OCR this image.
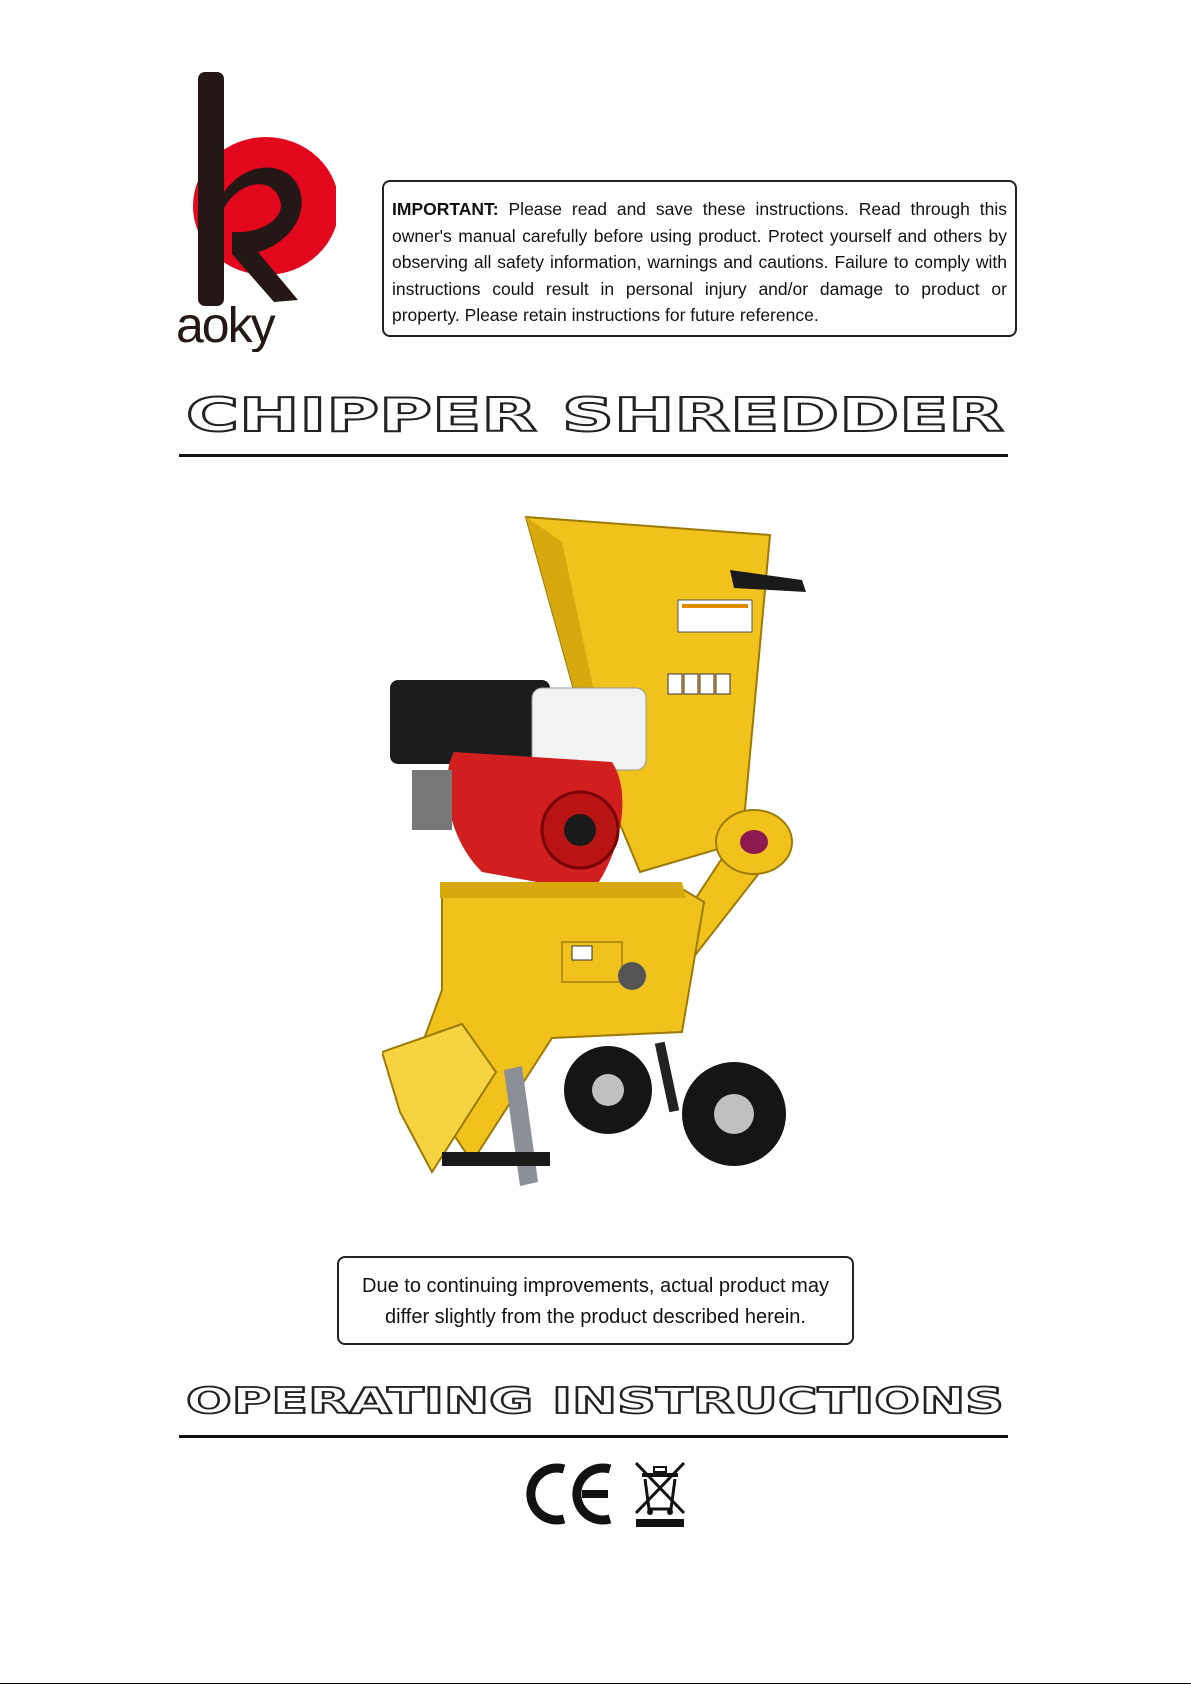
aoky
IMPORTANT: Please read and save these instructions. Read through this owner's manual carefully before using product. Protect yourself and others by observing all safety information, warnings and cautions. Failure to comply with instructions could result in personal injury and/or damage to product or property. Please retain instructions for future reference.
CHIPPER SHREDDER
Due to continuing improvements, actual product may differ slightly from the product described herein.
OPERATING INSTRUCTIONS
